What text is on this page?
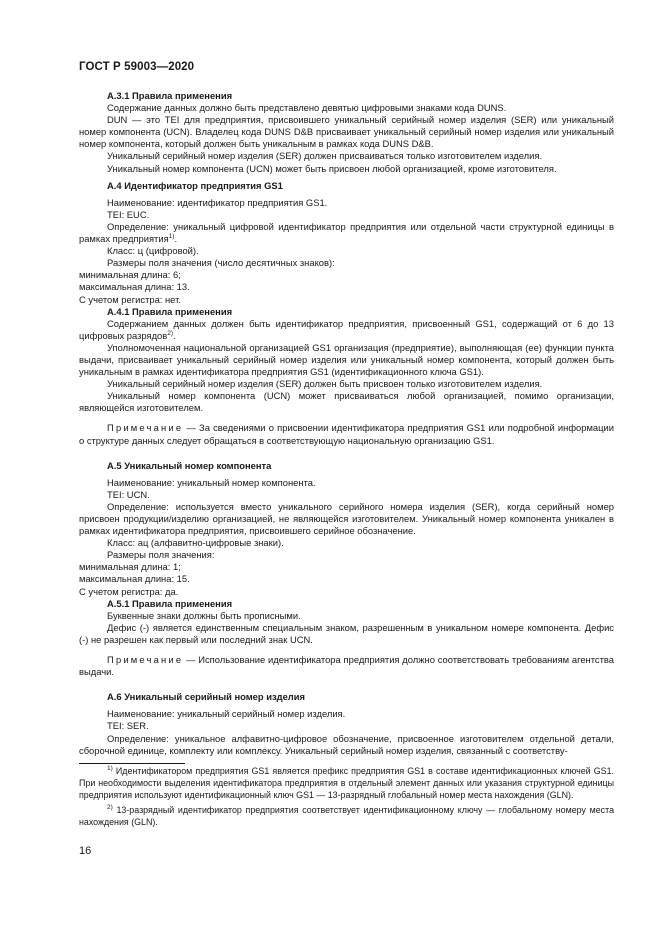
ГОСТ Р 59003—2020

А.3.1 Правила применения

Содержание данных должно быть представлено девятью цифровыми знаками кода DUNS.

DUN — это TEI для предприятия, присвоившего уникальный серийный номер изделия (SER) или уникальный номер компонента (UCN). Владелец кода DUNS D&B присваивает уникальный серийный номер изделия или уникальный номер компонента, который должен быть уникальным в рамках кода DUNS D&B.

Уникальный серийный номер изделия (SER) должен присваиваться только изготовителем изделия.

Уникальный номер компонента (UCN) может быть присвоен любой организацией, кроме изготовителя.

А.4 Идентификатор предприятия GS1

Наименование: идентификатор предприятия GS1.

TEI: EUC.

Определение: уникальный цифровой идентификатор предприятия или отдельной части структурной единицы в рамках предприятия$^{1)}$.

Класс: ц (цифровой).

Размеры поля значения (число десятичных знаков):

минимальная длина: 6;

максимальная длина: 13.

С учетом регистра: нет.

А.4.1 Правила применения

Содержанием данных должен быть идентификатор предприятия, присвоенный GS1, содержащий от 6 до 13 цифровых разрядов$^{2)}$.

Уполномоченная национальной организацией GS1 организация (предприятие), выполняющая (ее) функции пункта выдачи, присваивает уникальный серийный номер изделия или уникальный номер компонента, который должен быть уникальным в рамках идентификатора предприятия GS1 (идентификационного ключа GS1).

Уникальный серийный номер изделия (SER) должен быть присвоен только изготовителем изделия.

Уникальный номер компонента (UCN) может присваиваться любой организацией, помимо организации, являющейся изготовителем.

Примечание — За сведениями о присвоении идентификатора предприятия GS1 или подробной информации о структуре данных следует обращаться в соответствующую национальную организацию GS1.

А.5 Уникальный номер компонента

Наименование: уникальный номер компонента.

TEI: UCN.

Определение: используется вместо уникального серийного номера изделия (SER), когда серийный номер присвоен продукции/изделию организацией, не являющейся изготовителем. Уникальный номер компонента уникален в рамках идентификатора предприятия, присвоившего серийное обозначение.

Класс: ац (алфавитно-цифровые знаки).

Размеры поля значения:

минимальная длина: 1;

максимальная длина: 15.

С учетом регистра: да.

А.5.1 Правила применения

Буквенные знаки должны быть прописными.

Дефис (-) является единственным специальным знаком, разрешенным в уникальном номере компонента. Дефис (-) не разрешен как первый или последний знак UCN.

Примечание — Использование идентификатора предприятия должно соответствовать требованиям агентства выдачи.

А.6 Уникальный серийный номер изделия

Наименование: уникальный серийный номер изделия.

TEI: SER.

Определение: уникальное алфавитно-цифровое обозначение, присвоенное изготовителем отдельной детали, сборочной единице, комплекту или комплексу. Уникальный серийный номер изделия, связанный с соответству-

$^{1)}$ Идентификатором предприятия GS1 является префикс предприятия GS1 в составе идентификационных ключей GS1. При необходимости выделения идентификатора предприятия в отдельный элемент данных или указания структурной единицы предприятия используют идентификационный ключ GS1 — 13-разрядный глобальный номер места нахождения (GLN).

$^{2)}$ 13-разрядный идентификатор предприятия соответствует идентификационному ключу — глобальному номеру места нахождения (GLN).

16
